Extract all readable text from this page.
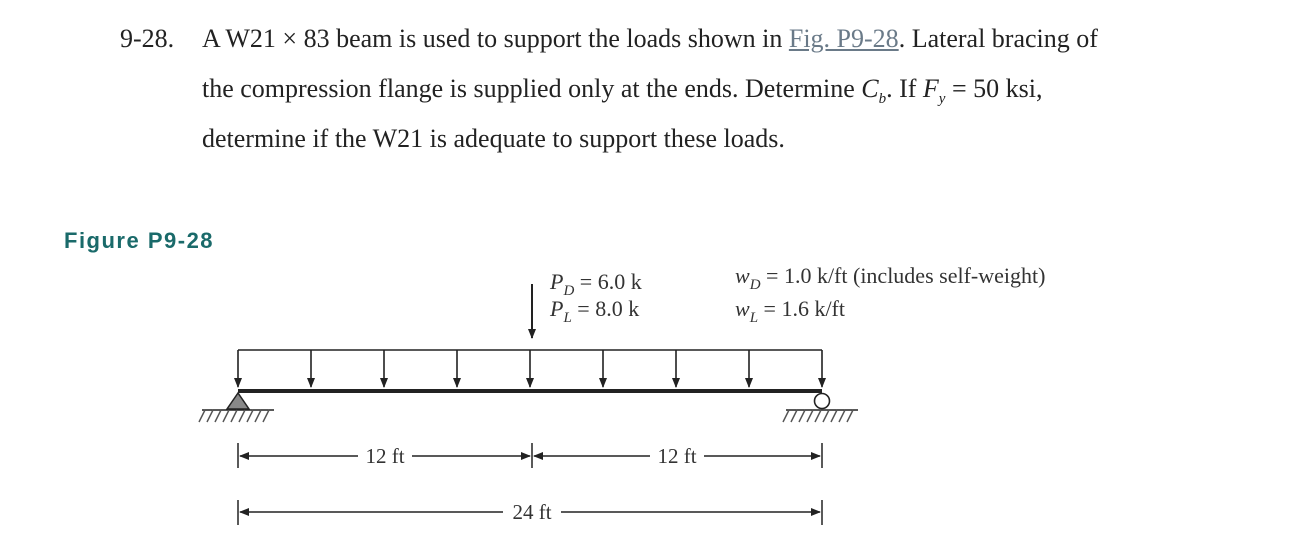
9-28. A W21 × 83 beam is used to support the loads shown in Fig. P9-28. Lateral bracing of
the compression flange is supplied only at the ends. Determine $C_b$. If $F_y = 50$ ksi,
determine if the W21 is adequate to support these loads.
Figure P9-28
$P_D = 6.0$ k
$P_L = 8.0$ k
$w_D = 1.0$ k/ft (includes self-weight)
$w_L = 1.6$ k/ft
12 ft	12 ft
24 ft
